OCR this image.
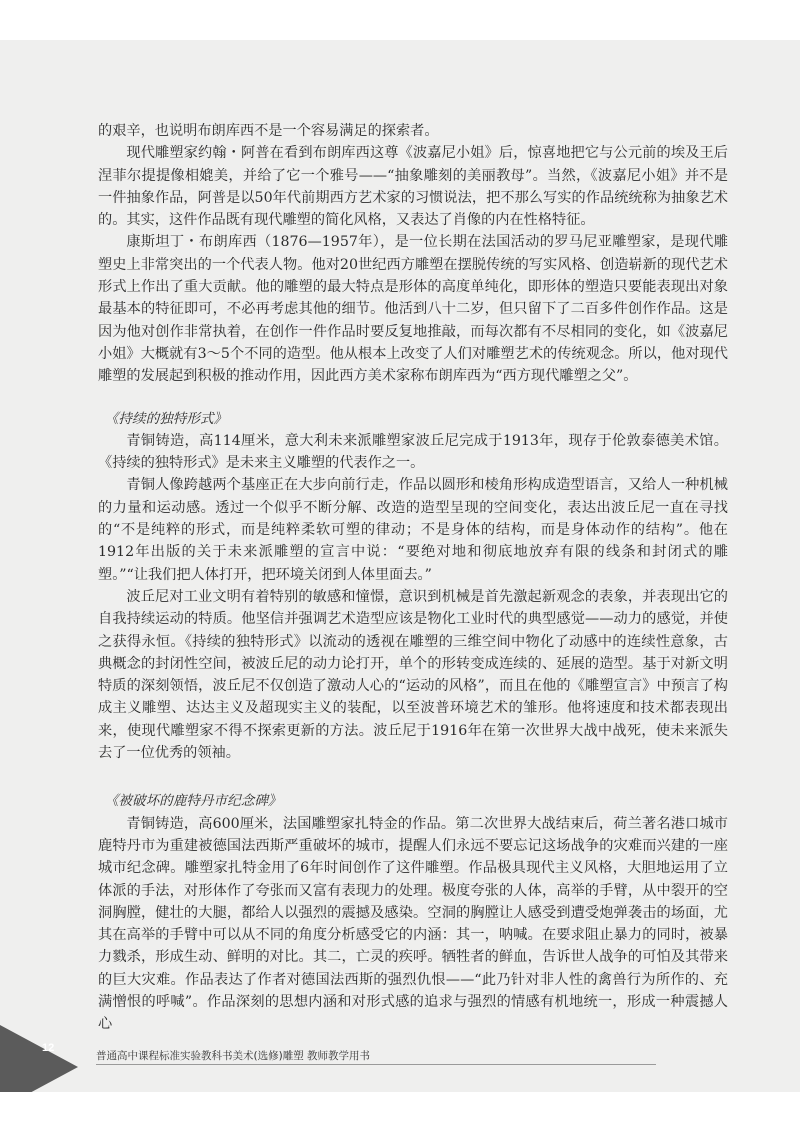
的艰辛，也说明布朗库西不是一个容易满足的探索者。

现代雕塑家约翰・阿普在看到布朗库西这尊《波嘉尼小姐》后，惊喜地把它与公元前的埃及王后涅菲尔提提像相媲美，并给了它一个雅号——“抽象雕刻的美丽教母”。当然，《波嘉尼小姐》并不是一件抽象作品，阿普是以50年代前期西方艺术家的习惯说法，把不那么写实的作品统统称为抽象艺术的。其实，这件作品既有现代雕塑的简化风格，又表达了肖像的内在性格特征。

康斯坦丁・布朗库西（1876—1957年），是一位长期在法国活动的罗马尼亚雕塑家，是现代雕塑史上非常突出的一个代表人物。他对20世纪西方雕塑在摆脱传统的写实风格、创造崭新的现代艺术形式上作出了重大贡献。他的雕塑的最大特点是形体的高度单纯化，即形体的塑造只要能表现出对象最基本的特征即可，不必再考虑其他的细节。他活到八十二岁，但只留下了二百多件创作作品。这是因为他对创作非常执着，在创作一件作品时要反复地推敲，而每次都有不尽相同的变化，如《波嘉尼小姐》大概就有3～5个不同的造型。他从根本上改变了人们对雕塑艺术的传统观念。所以，他对现代雕塑的发展起到积极的推动作用，因此西方美术家称布朗库西为“西方现代雕塑之父”。

《持续的独特形式》

青铜铸造，高114厘米，意大利未来派雕塑家波丘尼完成于1913年，现存于伦敦泰德美术馆。《持续的独特形式》是未来主义雕塑的代表作之一。

青铜人像跨越两个基座正在大步向前行走，作品以圆形和棱角形构成造型语言，又给人一种机械的力量和运动感。透过一个似乎不断分解、改造的造型呈现的空间变化，表达出波丘尼一直在寻找的“不是纯粹的形式，而是纯粹柔软可塑的律动；不是身体的结构，而是身体动作的结构”。他在1912年出版的关于未来派雕塑的宣言中说：“要绝对地和彻底地放弃有限的线条和封闭式的雕塑。”“让我们把人体打开，把环境关闭到人体里面去。”

波丘尼对工业文明有着特别的敏感和憧憬，意识到机械是首先激起新观念的表象，并表现出它的自我持续运动的特质。他坚信并强调艺术造型应该是物化工业时代的典型感觉——动力的感觉，并使之获得永恒。《持续的独特形式》以流动的透视在雕塑的三维空间中物化了动感中的连续性意象，古典概念的封闭性空间，被波丘尼的动力论打开，单个的形转变成连续的、延展的造型。基于对新文明特质的深刻领悟，波丘尼不仅创造了激动人心的“运动的风格”，而且在他的《雕塑宣言》中预言了构成主义雕塑、达达主义及超现实主义的装配，以至波普环境艺术的雏形。他将速度和技术都表现出来，使现代雕塑家不得不探索更新的方法。波丘尼于1916年在第一次世界大战中战死，使未来派失去了一位优秀的领袖。

《被破坏的鹿特丹市纪念碑》

青铜铸造，高600厘米，法国雕塑家扎特金的作品。第二次世界大战结束后，荷兰著名港口城市鹿特丹市为重建被德国法西斯严重破坏的城市，提醒人们永远不要忘记这场战争的灾难而兴建的一座城市纪念碑。雕塑家扎特金用了6年时间创作了这件雕塑。作品极具现代主义风格，大胆地运用了立体派的手法，对形体作了夸张而又富有表现力的处理。极度夸张的人体，高举的手臂，从中裂开的空洞胸膛，健壮的大腿，都给人以强烈的震撼及感染。空洞的胸膛让人感受到遭受炮弹袭击的场面，尤其在高举的手臂中可以从不同的角度分析感受它的内涵：其一，呐喊。在要求阻止暴力的同时，被暴力戮杀，形成生动、鲜明的对比。其二，亡灵的疾呼。牺牲者的鲜血，告诉世人战争的可怕及其带来的巨大灾难。作品表达了作者对德国法西斯的强烈仇恨——“此乃针对非人性的禽兽行为所作的、充满憎恨的呼喊”。作品深刻的思想内涵和对形式感的追求与强烈的情感有机地统一，形成一种震撼人心

12
普通高中课程标准实验教科书美术(选修)雕塑 教师教学用书
